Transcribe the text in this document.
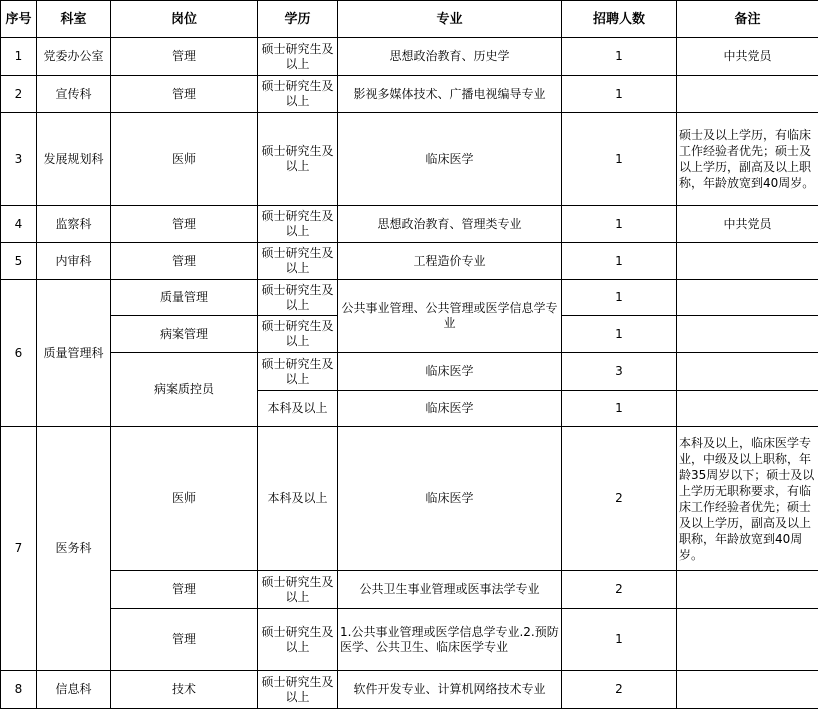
序号	科室	岗位	学历	专业	招聘人数	备注
1	党委办公室	管理	硕士研究生及以上	思想政治教育、历史学	1	中共党员
2	宣传科	管理	硕士研究生及以上	影视多媒体技术、广播电视编导专业	1	
3	发展规划科	医师	硕士研究生及以上	临床医学	1	硕士及以上学历，有临床工作经验者优先；硕士及以上学历，副高及以上职称，年龄放宽到40周岁。
4	监察科	管理	硕士研究生及以上	思想政治教育、管理类专业	1	中共党员
5	内审科	管理	硕士研究生及以上	工程造价专业	1	
6	质量管理科	质量管理	硕士研究生及以上	公共事业管理、公共管理或医学信息学专业	1	
		病案管理	硕士研究生及以上		1	
		病案质控员	硕士研究生及以上	临床医学	3	
			本科及以上	临床医学	1	
7	医务科	医师	本科及以上	临床医学	2	本科及以上，临床医学专业，中级及以上职称，年龄35周岁以下；硕士及以上学历无职称要求，有临床工作经验者优先；硕士及以上学历，副高及以上职称，年龄放宽到40周岁。
		管理	硕士研究生及以上	公共卫生事业管理或医事法学专业	2	
		管理	硕士研究生及以上	1.公共事业管理或医学信息学专业.2.预防医学、公共卫生、临床医学专业	1	
8	信息科	技术	硕士研究生及以上	软件开发专业、计算机网络技术专业	2	
